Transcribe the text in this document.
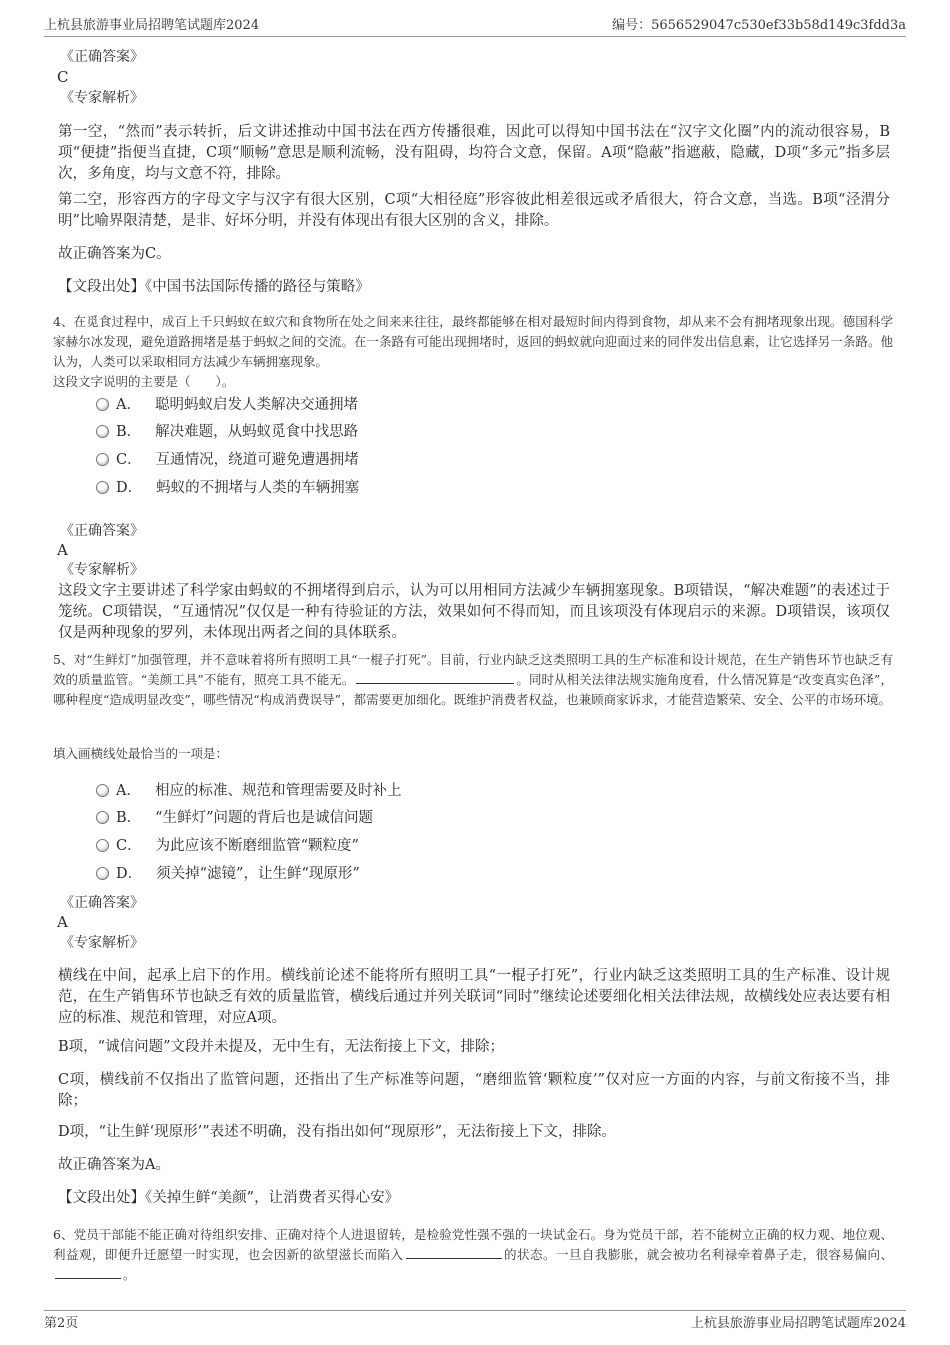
上杭县旅游事业局招聘笔试题库2024	编号：5656529047c530ef33b58d149c3fdd3a
《正确答案》
C
《专家解析》
第一空，“然而”表示转折，后文讲述推动中国书法在西方传播很难，因此可以得知中国书法在“汉字文化圈”内的流动很容易，B项“便捷”指便当直捷，C项“顺畅”意思是顺利流畅，没有阻碍，均符合文意，保留。A项“隐蔽”指遮蔽，隐藏，D项“多元”指多层次，多角度，均与文意不符，排除。
第二空，形容西方的字母文字与汉字有很大区别，C项“大相径庭”形容彼此相差很远或矛盾很大，符合文意，当选。B项“泾渭分明”比喻界限清楚，是非、好坏分明，并没有体现出有很大区别的含义，排除。
故正确答案为C。
【文段出处】《中国书法国际传播的路径与策略》
4、在觅食过程中，成百上千只蚂蚁在蚁穴和食物所在处之间来来往往，最终都能够在相对最短时间内得到食物，却从来不会有拥堵现象出现。德国科学家赫尔冰发现，避免道路拥堵是基于蚂蚁之间的交流。在一条路有可能出现拥堵时，返回的蚂蚁就向迎面过来的同伴发出信息素，让它选择另一条路。他认为，人类可以采取相同方法减少车辆拥塞现象。
这段文字说明的主要是（　　）。
A． 聪明蚂蚁启发人类解决交通拥堵
B． 解决难题，从蚂蚁觅食中找思路
C． 互通情况，绕道可避免遭遇拥堵
D． 蚂蚁的不拥堵与人类的车辆拥塞
《正确答案》
A
《专家解析》
这段文字主要讲述了科学家由蚂蚁的不拥堵得到启示，认为可以用相同方法减少车辆拥塞现象。B项错误，“解决难题”的表述过于笼统。C项错误，“互通情况”仅仅是一种有待验证的方法，效果如何不得而知，而且该项没有体现启示的来源。D项错误，该项仅仅是两种现象的罗列，未体现出两者之间的具体联系。
5、对“生鲜灯”加强管理，并不意味着将所有照明工具“一棍子打死”。目前，行业内缺乏这类照明工具的生产标准和设计规范，在生产销售环节也缺乏有效的质量监管。“美颜工具”不能有，照亮工具不能无。	。同时从相关法律法规实施角度看，什么情况算是“改变真实色泽”，哪种程度“造成明显改变”，哪些情况“构成消费误导”，都需要更加细化。既维护消费者权益，也兼顾商家诉求，才能营造繁荣、安全、公平的市场环境。
填入画横线处最恰当的一项是：
A． 相应的标准、规范和管理需要及时补上
B． “生鲜灯”问题的背后也是诚信问题
C． 为此应该不断磨细监管“颗粒度”
D． 须关掉“滤镜”，让生鲜“现原形”
《正确答案》
A
《专家解析》
横线在中间，起承上启下的作用。横线前论述不能将所有照明工具“一棍子打死”，行业内缺乏这类照明工具的生产标准、设计规范，在生产销售环节也缺乏有效的质量监管，横线后通过并列关联词“同时”继续论述要细化相关法律法规，故横线处应表达要有相应的标准、规范和管理，对应A项。
B项，“诚信问题”文段并未提及，无中生有，无法衔接上下文，排除；
C项，横线前不仅指出了监管问题，还指出了生产标准等问题，“磨细监管‘颗粒度’”仅对应一方面的内容，与前文衔接不当，排除；
D项，“让生鲜‘现原形’”表述不明确，没有指出如何“现原形”，无法衔接上下文，排除。
故正确答案为A。
【文段出处】《关掉生鲜“美颜”，让消费者买得心安》
6、党员干部能不能正确对待组织安排、正确对待个人进退留转，是检验党性强不强的一块试金石。身为党员干部，若不能树立正确的权力观、地位观、利益观，即便升迁愿望一时实现，也会因新的欲望滋长而陷入	的状态。一旦自我膨胀，就会被功名利禄牵着鼻子走，很容易偏向、。
第2页	上杭县旅游事业局招聘笔试题库2024
